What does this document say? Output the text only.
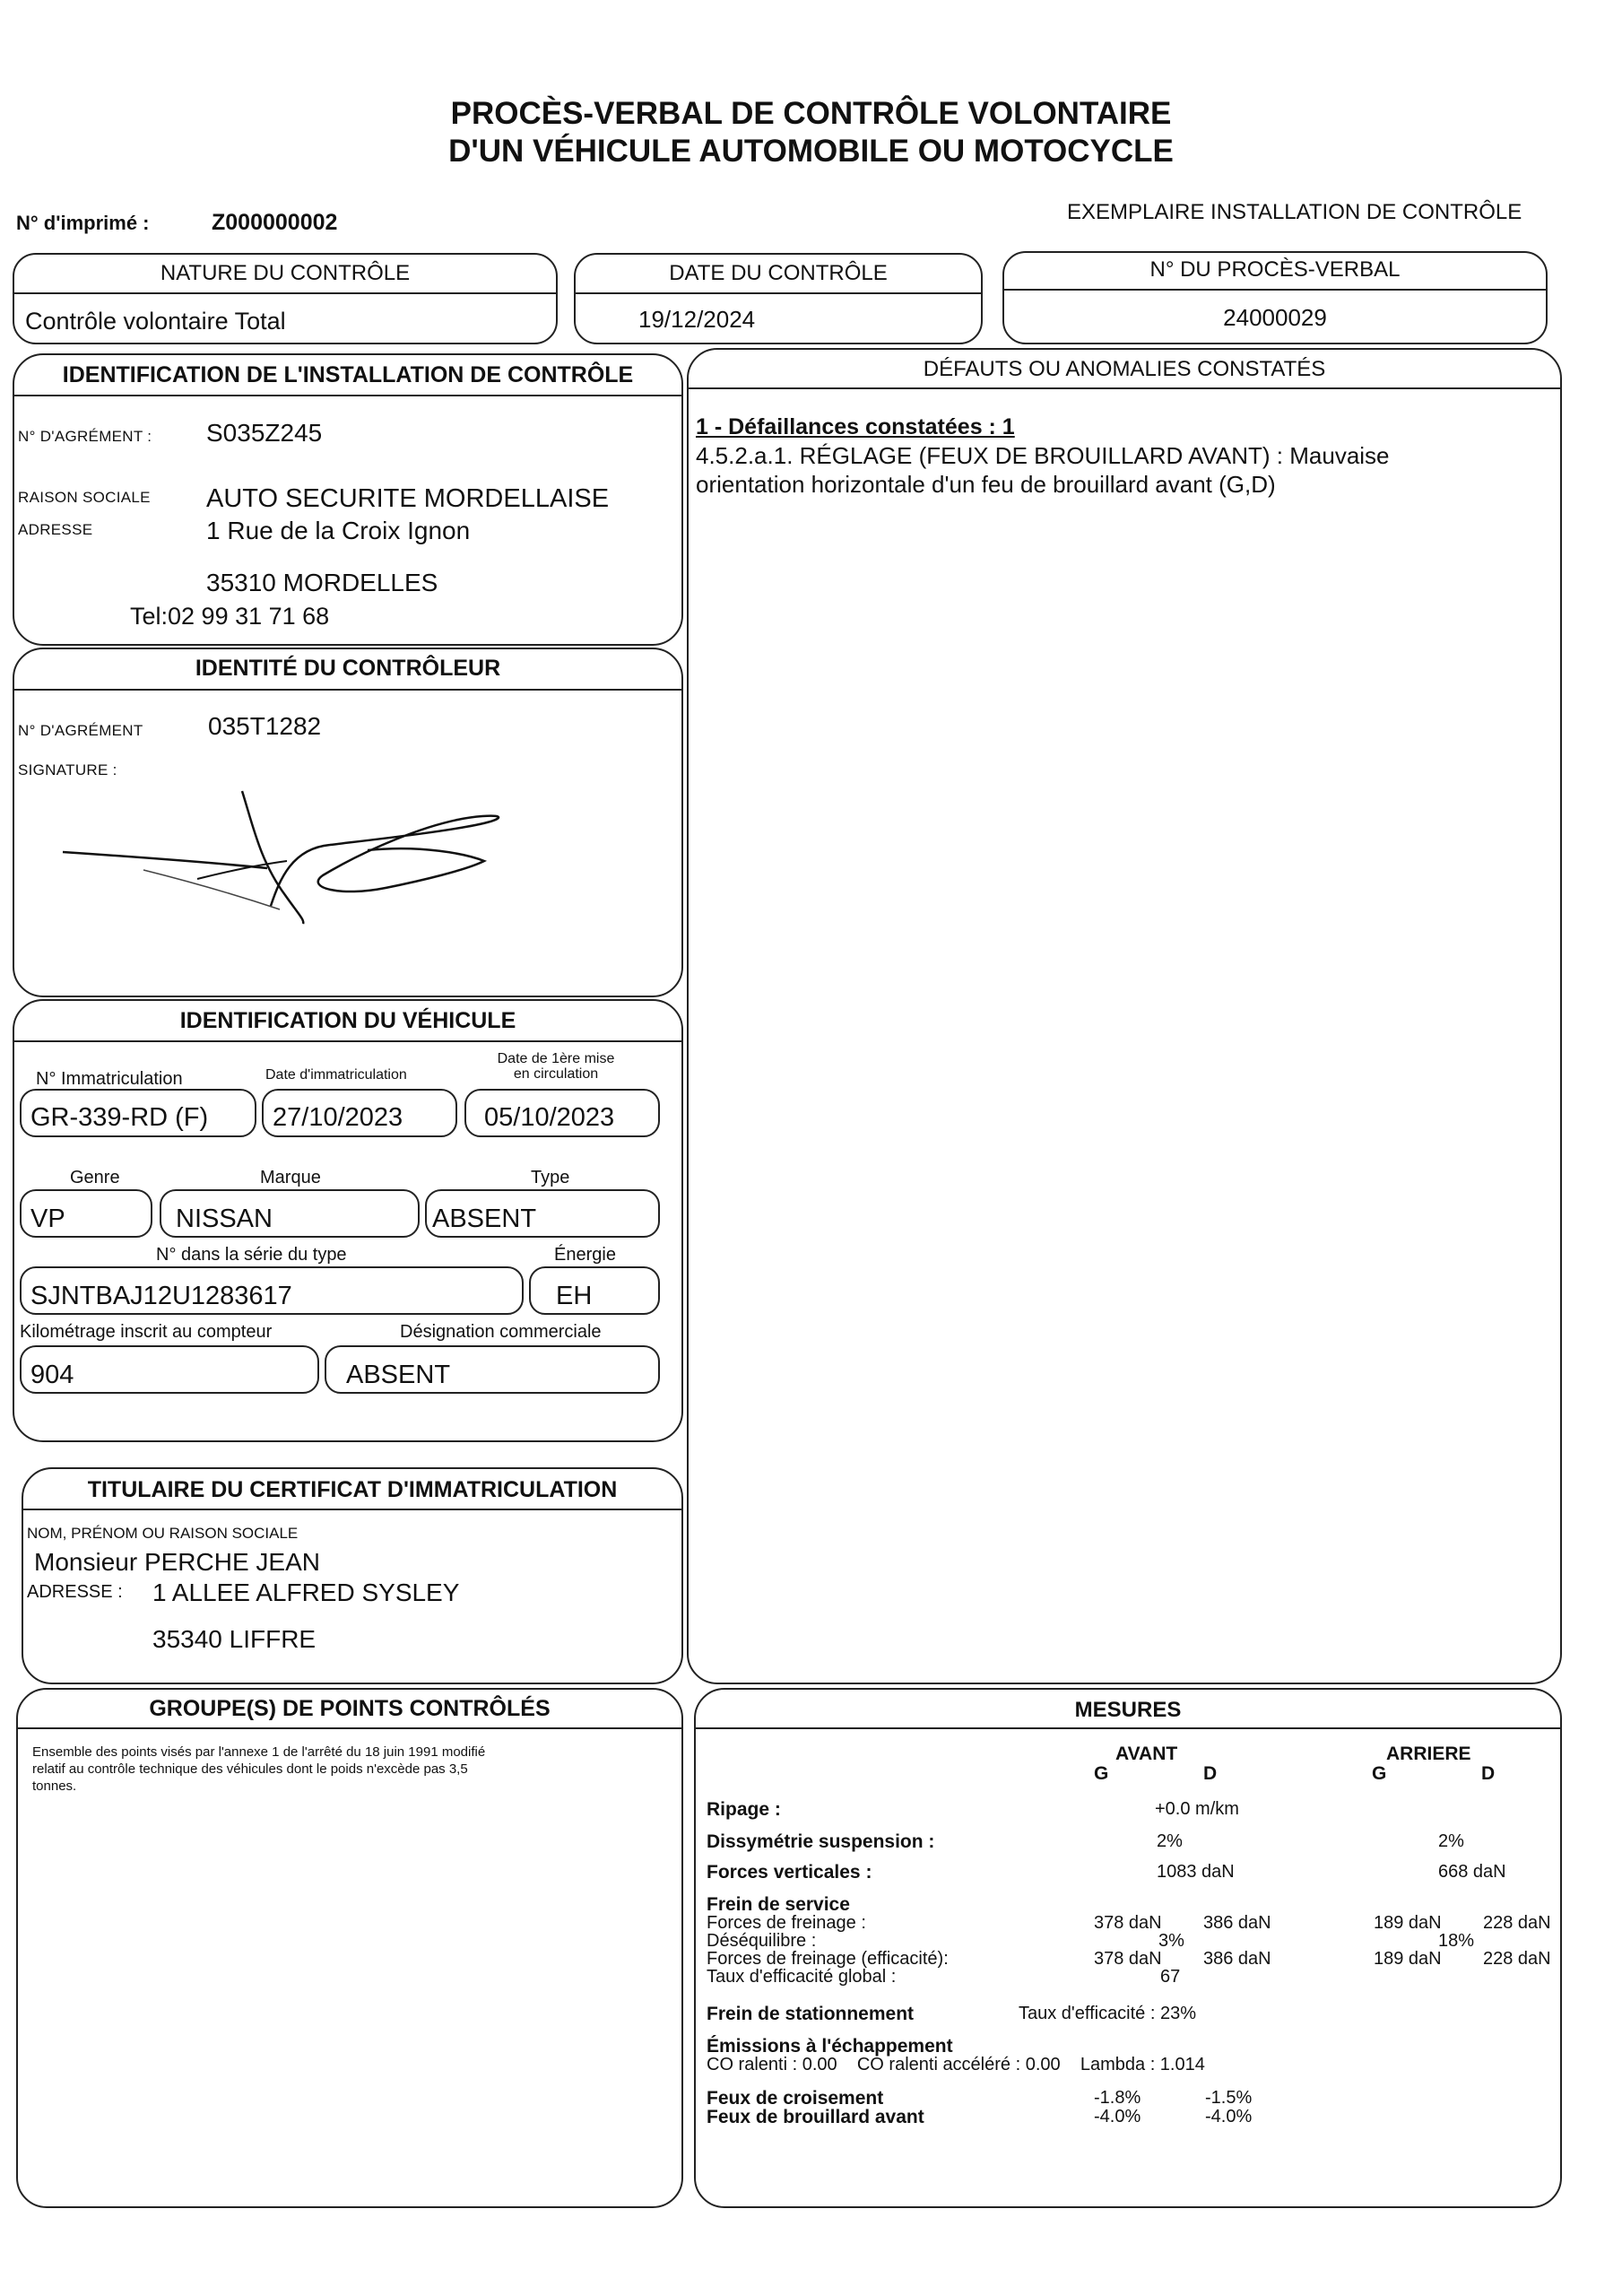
PROCÈS-VERBAL DE CONTRÔLE VOLONTAIRE
D'UN VÉHICULE AUTOMOBILE OU MOTOCYCLE
N° d'imprimé :	Z000000002	EXEMPLAIRE INSTALLATION DE CONTRÔLE
NATURE DU CONTRÔLE
Contrôle volontaire Total
DATE DU CONTRÔLE
19/12/2024
N° DU PROCÈS-VERBAL
24000029
IDENTIFICATION DE L'INSTALLATION DE CONTRÔLE
N° D'AGRÉMENT : S035Z245
RAISON SOCIALE AUTO SECURITE MORDELLAISE
ADRESSE	1 Rue de la Croix Ignon
35310 MORDELLES
Tel:02 99 31 71 68
IDENTITÉ DU CONTRÔLEUR
N° D'AGRÉMENT	035T1282
SIGNATURE :
IDENTIFICATION DU VÉHICULE
N° Immatriculation	Date d'immatriculation
Date de 1ère mise
en circulation
GR-339-RD (F) 27/10/2023	05/10/2023
Genre	Marque	Type
VP	NISSAN	ABSENT
N° dans la série du type	Énergie
SJNTBAJ12U1283617	EH
Kilométrage inscrit au compteur	Désignation commerciale
904	ABSENT
TITULAIRE DU CERTIFICAT D'IMMATRICULATION
NOM, PRÉNOM OU RAISON SOCIALE
Monsieur PERCHE JEAN
ADRESSE : 1 ALLEE ALFRED SYSLEY
35340 LIFFRE
GROUPE(S) DE POINTS CONTRÔLÉS
Ensemble des points visés par l'annexe 1 de l'arrêté du 18 juin 1991 modifié
relatif au contrôle technique des véhicules dont le poids n'excède pas 3,5
tonnes.
DÉFAUTS OU ANOMALIES CONSTATÉS
1 - Défaillances constatées : 1
4.5.2.a.1. RÉGLAGE (FEUX DE BROUILLARD AVANT) : Mauvaise
orientation horizontale d'un feu de brouillard avant (G,D)
MESURES
AVANT	ARRIERE
G	D	G	D
Ripage :	+0.0 m/km
Dissymétrie suspension :	2%	2%
Forces verticales :	1083 daN	668 daN
Frein de service
Forces de freinage :	378 daN 386 daN	189 daN 228 daN
Déséquilibre :	3%	18%
Forces de freinage (efficacité):	378 daN 386 daN	189 daN 228 daN
Taux d'efficacité global :	67
Frein de stationnement	Taux d'efficacité : 23%
Émissions à l'échappement
CO ralenti : 0.00    CO ralenti accéléré : 0.00    Lambda : 1.014
Feux de croisement	-1.8%	-1.5%
Feux de brouillard avant	-4.0%	-4.0%
